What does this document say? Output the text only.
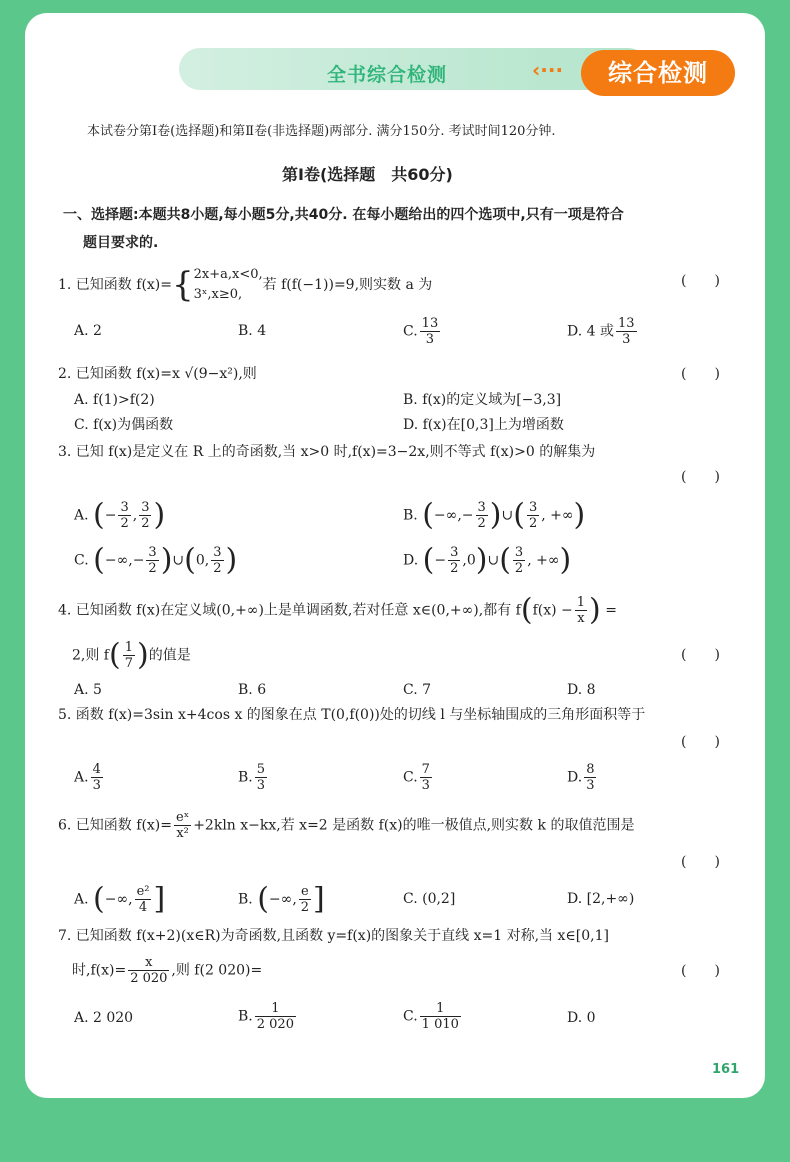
全书综合检测	‹···	综合检测
本试卷分第Ⅰ卷(选择题)和第Ⅱ卷(非选择题)两部分. 满分150分. 考试时间120分钟.
第Ⅰ卷(选择题　共60分)
一、选择题:本题共8小题,每小题5分,共40分. 在每小题给出的四个选项中,只有一项是符合
题目要求的.
1. 已知函数 f(x)={2x+a,x<0,
3ˣ,x≥0,若 f(f(−1))=9,则实数 a 为	(　　)
A. 2	B. 4	C. $\frac{13}{3}$	D. 4 或 $\frac{13}{3}$
2. 已知函数 f(x)=x √(9−x²),则	(　　)
A. f(1)>f(2)	B. f(x)的定义域为[−3,3]
C. f(x)为偶函数	D. f(x)在[0,3]上为增函数
3. 已知 f(x)是定义在 R 上的奇函数,当 x>0 时,f(x)=3−2x,则不等式 f(x)>0 的解集为
(　　)
A. (− $\frac{3}{2}$ , $\frac{3}{2}$ )	B. (−∞,− $\frac{3}{2}$ )∪( $\frac{3}{2}$ , +∞)
C. (−∞,− $\frac{3}{2}$ )∪(0, $\frac{3}{2}$ )	D. (− $\frac{3}{2}$ ,0)∪( $\frac{3}{2}$ , +∞)
4. 已知函数 f(x)在定义域(0,+∞)上是单调函数,若对任意 x∈(0,+∞),都有 $f(f(x) - \frac{1}{x}$ ) =
2,则 $f( \frac{1}{7}$ )的值是	(　　)
A. 5	B. 6	C. 7	D. 8
5. 函数 f(x)=3sin x+4cos x 的图象在点 T(0,f(0))处的切线 l 与坐标轴围成的三角形面积等于
(　　)
A. $\frac{4}{3}$	B. $\frac{5}{3}$	C. $\frac{7}{3}$	D. $\frac{8}{3}$
6. 已知函数 $f(x)= \frac{\text{eˣ}}{\text{x²}} +2kln$ x−kx,若 x=2 是函数 f(x)的唯一极值点,则实数 k 的取值范围是
(　　)
A. (−∞, $\frac{\text{e²}}{4}$ ]	B. (−∞, $\frac{e}{2}$ ]	C. (0,2]	D. [2,+∞)
7. 已知函数 f(x+2)(x∈R)为奇函数,且函数 y=f(x)的图象关于直线 x=1 对称,当 x∈[0,1]
时$,f(x)= \frac{x}{2 020}$ ,则 f(2 020)=	(　　)
A. 2 020	B. $\frac{1}{2 020}$	C. $\frac{1}{1 010}$	D. 0
161
